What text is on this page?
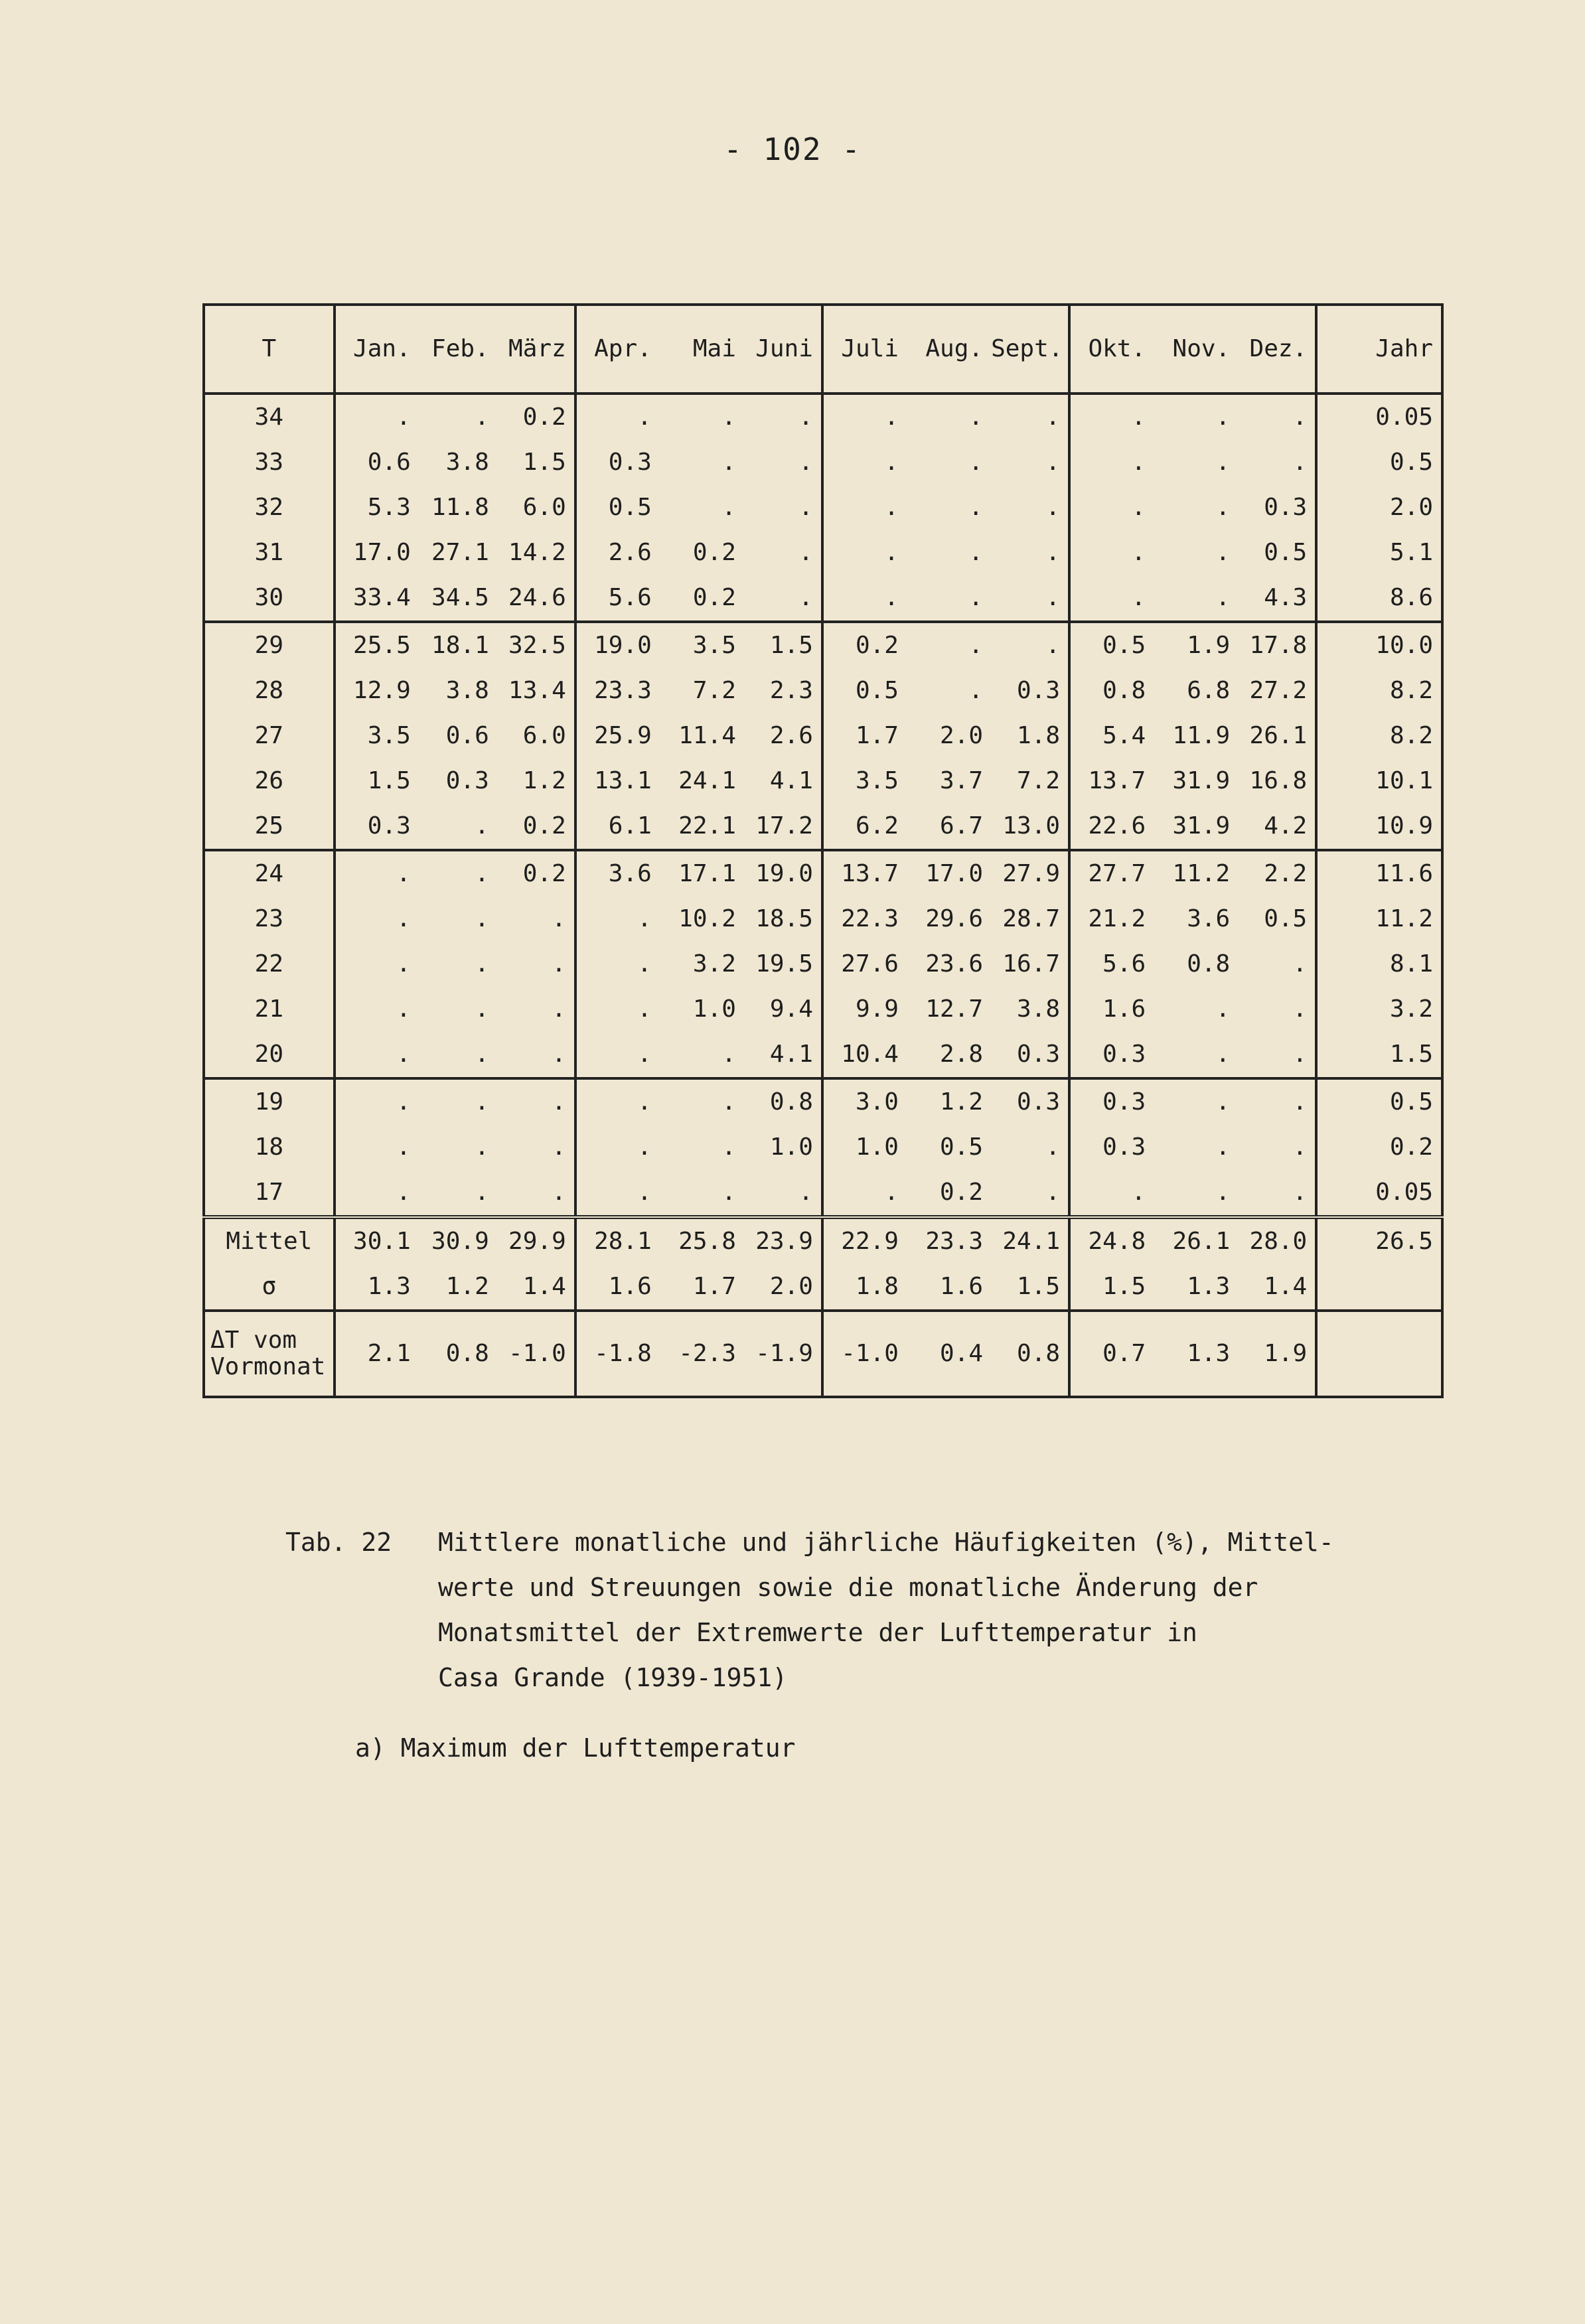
- 102 -
T	Jan.	Feb.	März	Apr.	Mai	Juni	Juli	Aug.	Sept.	Okt.	Nov.	Dez.	Jahr
34	.	.	0.2	.	.	.	.	.	.	.	.	.	0.05
33	0.6	3.8	1.5	0.3	.	.	.	.	.	.	.	.	0.5
32	5.3	11.8	6.0	0.5	.	.	.	.	.	.	.	0.3	2.0
31	17.0	27.1	14.2	2.6	0.2	.	.	.	.	.	.	0.5	5.1
30	33.4	34.5	24.6	5.6	0.2	.	.	.	.	.	.	4.3	8.6
29	25.5	18.1	32.5	19.0	3.5	1.5	0.2	.	.	0.5	1.9	17.8	10.0
28	12.9	3.8	13.4	23.3	7.2	2.3	0.5	.	0.3	0.8	6.8	27.2	8.2
27	3.5	0.6	6.0	25.9	11.4	2.6	1.7	2.0	1.8	5.4	11.9	26.1	8.2
26	1.5	0.3	1.2	13.1	24.1	4.1	3.5	3.7	7.2	13.7	31.9	16.8	10.1
25	0.3	.	0.2	6.1	22.1	17.2	6.2	6.7	13.0	22.6	31.9	4.2	10.9
24	.	.	0.2	3.6	17.1	19.0	13.7	17.0	27.9	27.7	11.2	2.2	11.6
23	.	.	.	.	10.2	18.5	22.3	29.6	28.7	21.2	3.6	0.5	11.2
22	.	.	.	.	3.2	19.5	27.6	23.6	16.7	5.6	0.8	.	8.1
21	.	.	.	.	1.0	9.4	9.9	12.7	3.8	1.6	.	.	3.2
20	.	.	.	.	.	4.1	10.4	2.8	0.3	0.3	.	.	1.5
19	.	.	.	.	.	0.8	3.0	1.2	0.3	0.3	.	.	0.5
18	.	.	.	.	.	1.0	1.0	0.5	.	0.3	.	.	0.2
17	.	.	.	.	.	.	.	0.2	.	.	.	.	0.05
Mittel	30.1	30.9	29.9	28.1	25.8	23.9	22.9	23.3	24.1	24.8	26.1	28.0	26.5
σ	1.3	1.2	1.4	1.6	1.7	2.0	1.8	1.6	1.5	1.5	1.3	1.4	
ΔT vom Vormonat	2.1	0.8	-1.0	-1.8	-2.3	-1.9	-1.0	0.4	0.8	0.7	1.3	1.9	
Tab. 22 Mittlere monatliche und jährliche Häufigkeiten (%), Mittel-
werte und Streuungen sowie die monatliche Änderung der
Monatsmittel der Extremwerte der Lufttemperatur in
Casa Grande (1939-1951)
a) Maximum der Lufttemperatur
